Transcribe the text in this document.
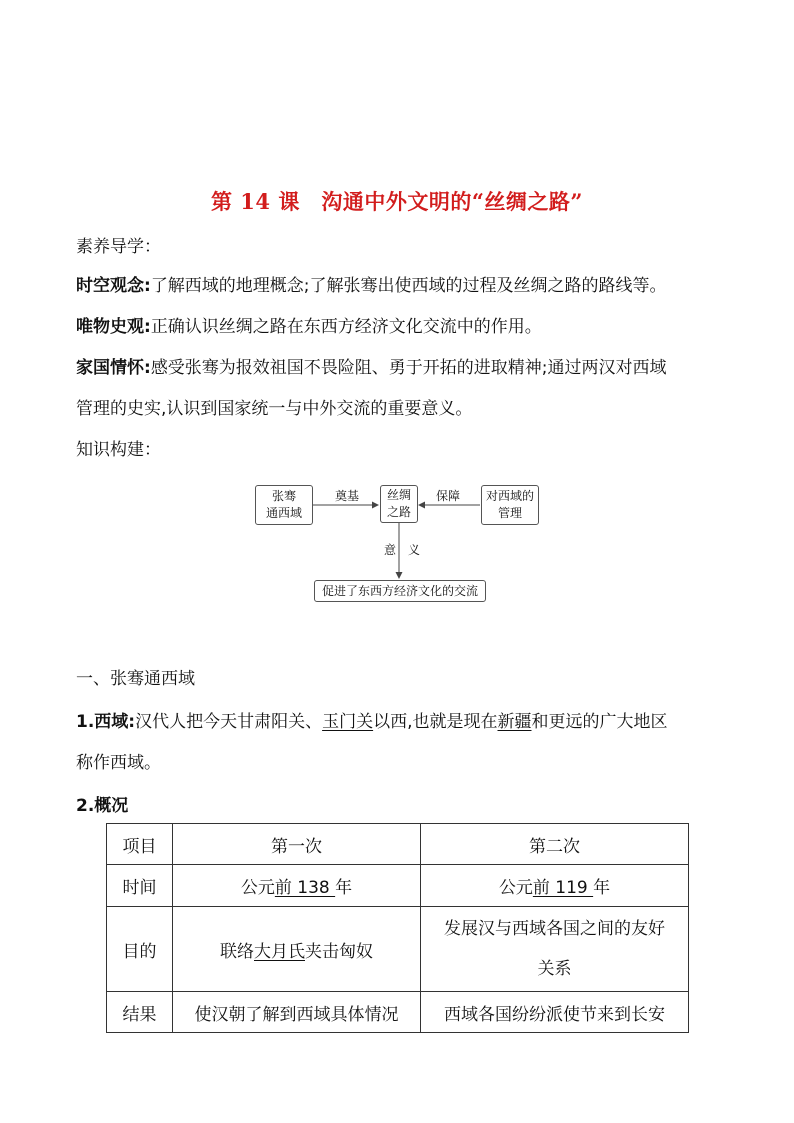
第 14 课　沟通中外文明的“丝绸之路”
素养导学：
时空观念:了解西域的地理概念;了解张骞出使西域的过程及丝绸之路的路线等。
唯物史观:正确认识丝绸之路在东西方经济文化交流中的作用。
家国情怀:感受张骞为报效祖国不畏险阻、勇于开拓的进取精神;通过两汉对西域
管理的史实,认识到国家统一与中外交流的重要意义。
知识构建：
张骞
通西域
丝绸
之路
对西域的
管理
促进了东西方经济文化的交流
奠基	保障
意　义
一、张骞通西域
1.西域:汉代人把今天甘肃阳关、玉门关以西,也就是现在新疆和更远的广大地区
称作西域。
2.概况
项目	第一次	第二次
时间	公元前 138 年	公元前 119 年
目的	联络大月氏夹击匈奴	发展汉与西域各国之间的友好
关系

结果	使汉朝了解到西域具体情况	西域各国纷纷派使节来到长安
